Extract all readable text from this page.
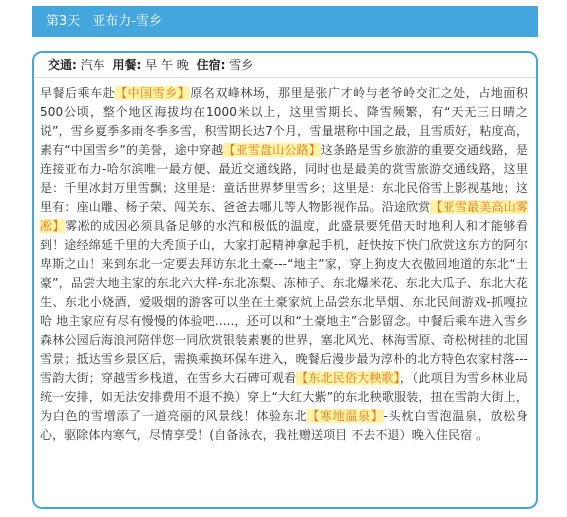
第3天 亚布力-雪乡
交通: 汽车 用餐: 早 午 晚 住宿: 雪乡
早餐后乘车赴【中国雪乡】原名双峰林场，那里是张广才岭与老爷岭交汇之处，占地面积500公顷，整个地区海拔均在1000米以上，这里雪期长、降雪频繁，有“天无三日晴之说”，雪乡夏季多雨冬季多雪，积雪期长达7个月，雪量堪称中国之最，且雪质好，粘度高，素有“中国雪乡”的美誉，途中穿越【亚雪盘山公路】这条路是雪乡旅游的重要交通线路，是连接亚布力-哈尔滨唯一最方便、最近交通线路，同时也是最美的赏雪旅游交通线路，这里是：千里冰封万里雪飘；这里是：童话世界梦里雪乡；这里是：东北民俗雪上影视基地；这里有：座山雕、杨子荣、闯关东、爸爸去哪儿等人物影视作品。沿途欣赏【亚雪最美高山雾凇】雾凇的成因必须具备足够的水汽和极低的温度，此盛景要凭借天时地利人和才能够看到！途经绵延千里的大秃顶子山，大家打起精神拿起手机，赶快按下快门欣赏这东方的阿尔卑斯之山！来到东北一定要去拜访东北土豪---“地主”家，穿上狗皮大衣傲回地道的东北“土豪”，品尝大地主家的东北六大样-东北冻梨、冻柿子、东北爆米花、东北大瓜子、东北大花生、东北小烧酒，爱吸烟的游客可以坐在土豪家炕上品尝东北旱烟、东北民间游戏-抓嘎拉哈 地主家应有尽有慢慢的体验吧.....，还可以和“土豪地主”合影留念。中餐后乘车进入雪乡森林公园后海浪河陪伴您一同欣赏银装素裹的世界，塞北风光、林海雪原、奇松树挂的北国雪景；抵达雪乡景区后，需换乘换环保车进入，晚餐后漫步最为淳朴的北方特色农家村落---雪韵大街；穿越雪乡栈道，在雪乡大石碑可观看【东北民俗大秧歌】，（此项目为雪乡林业局统一安排，如无法安排费用不退不换）穿上“大红大紫”的东北秧歌服装，扭在雪韵大街上，为白色的雪增添了一道亮丽的风景线！体验东北【寒地温泉】-头枕白雪泡温泉，放松身心，驱除体内寒气，尽情享受！(自备泳衣，我社赠送项目 不去不退）晚入住民宿 。
